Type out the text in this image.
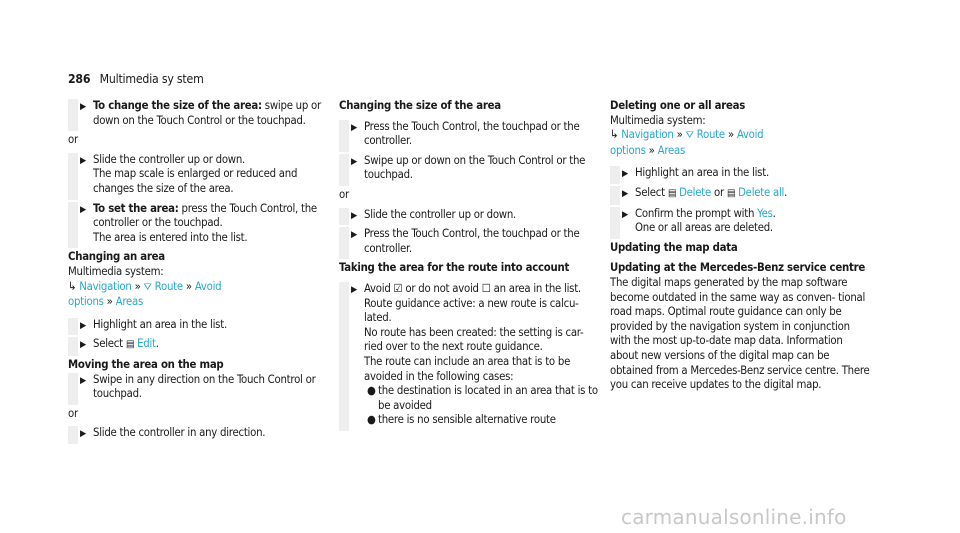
286 Multimedia sy stem
▶ To change the size of the area: swipe up or down on the Touch Control or the touchpad.

or

▶ Slide the controller up or down.

The map scale is enlarged or reduced and changes the size of the area.

▶ To set the area: press the Touch Control, the controller or the touchpad.

The area is entered into the list.

Changing an area

Multimedia system:

↳ Navigation » ⛛ Route » Avoid
options » Areas

▶ Highlight an area in the list.

▶ Select ▤ Edit.

Moving the area on the map

▶ Swipe in any direction on the Touch Control or touchpad.

or

▶ Slide the controller in any direction.

Changing the size of the area

▶ Press the Touch Control, the touchpad or the controller.

▶ Swipe up or down on the Touch Control or the touchpad.

or

▶ Slide the controller up or down.

▶ Press the Touch Control, the touchpad or the controller.

Taking the area for the route into account

▶ Avoid ☑ or do not avoid ☐ an area in the list.

Route guidance active: a new route is calcu- lated.

No route has been created: the setting is car- ried over to the next route guidance.

The route can include an area that is to be avoided in the following cases:

● the destination is located in an area that is to be avoided
● there is no sensible alternative route

Deleting one or all areas

Multimedia system:

↳ Navigation » ⛛ Route » Avoid
options » Areas

▶ Highlight an area in the list.

▶ Select ▤ Delete or ▤ Delete all.

▶ Confirm the prompt with Yes.

One or all areas are deleted.

Updating the map data

Updating at the Mercedes-Benz service centre

The digital maps generated by the map software become outdated in the same way as conven- tional road maps. Optimal route guidance can only be provided by the navigation system in conjunction with the most up-to-date map data. Information about new versions of the digital map can be obtained from a Mercedes-Benz service centre. There you can receive updates to the digital map.

carmanualsonline.info
